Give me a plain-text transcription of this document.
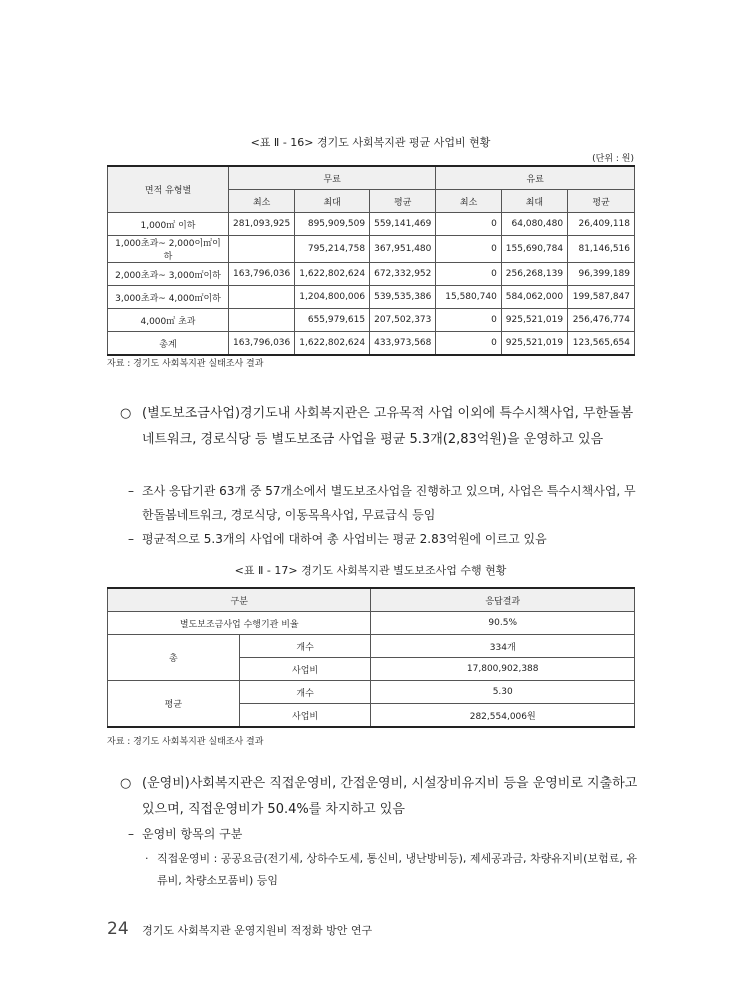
<표 Ⅱ - 16> 경기도 사회복지관 평균 사업비 현황
(단위 : 원)
면적 유형별	무료			유료		
	최소	최대	평균	최소	최대	평균
1,000㎡ 이하	281,093,925	895,909,509	559,141,469	0	64,080,480	26,409,118
1,000초과~ 2,000이㎡이하		795,214,758	367,951,480	0	155,690,784	81,146,516
2,000초과~ 3,000㎡이하	163,796,036	1,622,802,624	672,332,952	0	256,268,139	96,399,189
3,000초과~ 4,000㎡이하		1,204,800,006	539,535,386	15,580,740	584,062,000	199,587,847
4,000㎡ 초과		655,979,615	207,502,373	0	925,521,019	256,476,774
총계	163,796,036	1,622,802,624	433,973,568	0	925,521,019	123,565,654
자료 : 경기도 사회복지관 실태조사 결과
○ (별도보조금사업)경기도내 사회복지관은 고유목적 사업 이외에 특수시책사업, 무한돌봄네트워크, 경로식당 등 별도보조금 사업을 평균 5.3개(2,83억원)을 운영하고 있음
– 조사 응답기관 63개 중 57개소에서 별도보조사업을 진행하고 있으며, 사업은 특수시책사업, 무한돌봄네트워크, 경로식당, 이동목욕사업, 무료급식 등임
– 평균적으로 5.3개의 사업에 대하여 총 사업비는 평균 2.83억원에 이르고 있음
<표 Ⅱ - 17> 경기도 사회복지관 별도보조사업 수행 현황
구분		응답결과
별도보조금사업 수행기관 비율		90.5%
총	개수	334개
	사업비	17,800,902,388
평균	개수	5.30
	사업비	282,554,006원
자료 : 경기도 사회복지관 실태조사 결과
○ (운영비)사회복지관은 직접운영비, 간접운영비, 시설장비유지비 등을 운영비로 지출하고 있으며, 직접운영비가 50.4%를 차지하고 있음
– 운영비 항목의 구분
· 직접운영비 : 공공요금(전기세, 상하수도세, 통신비, 냉난방비등), 제세공과금, 차량유지비(보험료, 유류비, 차량소모품비) 등임
24 경기도 사회복지관 운영지원비 적정화 방안 연구
